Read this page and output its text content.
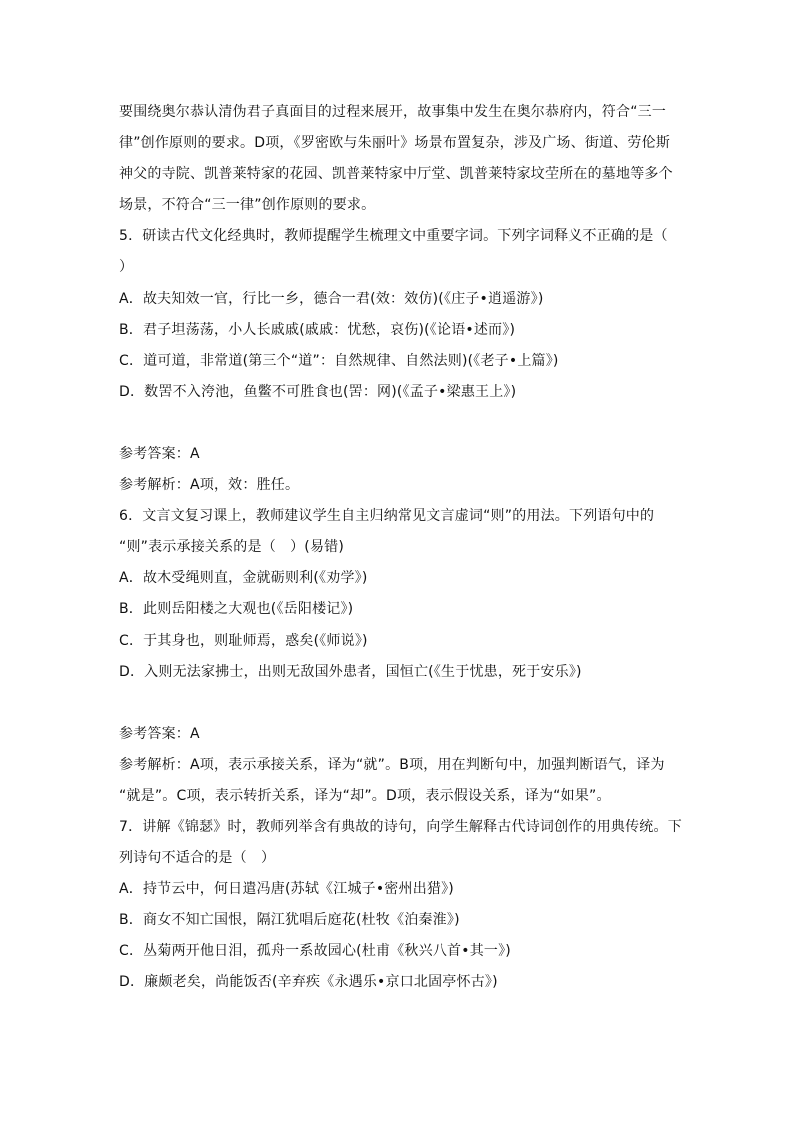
要围绕奥尔恭认清伪君子真面目的过程来展开，故事集中发生在奥尔恭府内，符合“三一
律”创作原则的要求。D项，《罗密欧与朱丽叶》场景布置复杂，涉及广场、街道、劳伦斯
神父的寺院、凯普莱特家的花园、凯普莱特家中厅堂、凯普莱特家坟茔所在的墓地等多个
场景，不符合“三一律”创作原则的要求。
5．研读古代文化经典时，教师提醒学生梳理文中重要字词。下列字词释义不正确的是（
）
A．故夫知效一官，行比一乡，德合一君(效：效仿)(《庄子•逍遥游》)
B．君子坦荡荡，小人长戚戚(戚戚：忧愁，哀伤)(《论语•述而》)
C．道可道，非常道(第三个“道”：自然规律、自然法则)(《老子•上篇》)
D．数罟不入洿池，鱼鳖不可胜食也(罟：网)(《孟子•梁惠王上》)
参考答案：A
参考解析：A项，效：胜任。
6．文言文复习课上，教师建议学生自主归纳常见文言虚词“则”的用法。下列语句中的
“则”表示承接关系的是（　）(易错)
A．故木受绳则直，金就砺则利(《劝学》)
B．此则岳阳楼之大观也(《岳阳楼记》)
C．于其身也，则耻师焉，惑矣(《师说》)
D．入则无法家拂士，出则无敌国外患者，国恒亡(《生于忧患，死于安乐》)
参考答案：A
参考解析：A项，表示承接关系，译为“就”。B项，用在判断句中，加强判断语气，译为
“就是”。C项，表示转折关系，译为“却”。D项，表示假设关系，译为“如果”。
7．讲解《锦瑟》时，教师列举含有典故的诗句，向学生解释古代诗词创作的用典传统。下
列诗句不适合的是（　）
A．持节云中，何日遣冯唐(苏轼《江城子•密州出猎》)
B．商女不知亡国恨，隔江犹唱后庭花(杜牧《泊秦淮》)
C．丛菊两开他日泪，孤舟一系故园心(杜甫《秋兴八首•其一》)
D．廉颇老矣，尚能饭否(辛弃疾《永遇乐•京口北固亭怀古》)
